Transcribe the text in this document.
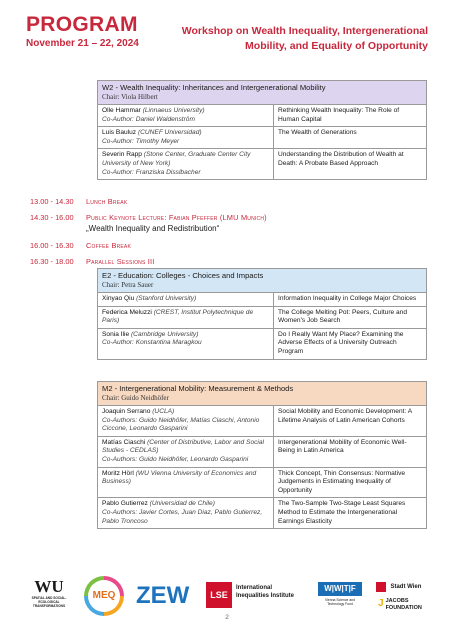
PROGRAM
November 21 – 22, 2024
Workshop on Wealth Inequality, Intergenerational Mobility, and Equality of Opportunity
W2 - Wealth Inequality: Inheritances and Intergenerational Mobility
Chair: Viola Hilbert
Olle Hammar (Linnaeus University)
Co-Author: Daniel Waldenström
Rethinking Wealth Inequality: The Role of Human Capital
Luis Bauluz (CUNEF Universidad)
Co-Author: Timothy Meyer
The Wealth of Generations
Severin Rapp (Stone Center, Graduate Center City University of New York)
Co-Author: Franziska Disslbacher
Understanding the Distribution of Wealth at Death: A Probate Based Approach
13.00 - 14.30 Lunch Break
14.30 - 16.00 Public Keynote Lecture: Fabian Pfeffer (LMU Munich)
„Wealth Inequality and Redistribution“
16.00 - 16.30 Coffee Break
16.30 - 18.00 Parallel Sessions III
E2 - Education: Colleges - Choices and Impacts
Chair: Petra Sauer
Xinyao Qiu (Stanford University)	Information Inequality in College Major Choices
Federica Meluzzi (CREST, Institut Polytechnique de Paris)
The College Melting Pot: Peers, Culture and Women's Job Search
Sonia Ilie (Cambridge University)
Co-Author: Konstantina Maragkou
Do I Really Want My Place? Examining the Adverse Effects of a University Outreach Program
M2 - Intergenerational Mobility: Measurement & Methods
Chair: Guido Neidhöfer
Joaquin Serrano (UCLA)
Co-Authors: Guido Neidhöfer, Matías Ciaschi, Antonio Ciccone, Leonardo Gasparini
Social Mobility and Economic Development: A Lifetime Analysis of Latin American Cohorts
Matías Ciaschi (Center of Distributive, Labor and Social Studies - CEDLAS)
Co-Authors: Guido Neidhöfer, Leonardo Gasparini
Intergenerational Mobility of Economic Well-Being in Latin America
Moritz Hörl (WU Vienna University of Economics and Business)
Thick Concept, Thin Consensus: Normative Judgements in Estimating Inequality of Opportunity
Pablo Gutierrez (Universidad de Chile)
Co-Authors: Javier Cortes, Juan Diaz, Pablo Gutierrez, Pablo Troncoso
The Two-Sample Two-Stage Least Squares Method to Estimate the Intergenerational Earnings Elasticity
WU
SPATIAL AND SOCIAL-ECOLOGICAL TRANSFORMATIONS
MEQ ZEW	LSE
International Inequalities Institute
W|W|T|F
Vienna Science and Technology Fund
Stadt Wien
J JACOBS FOUNDATION
2
